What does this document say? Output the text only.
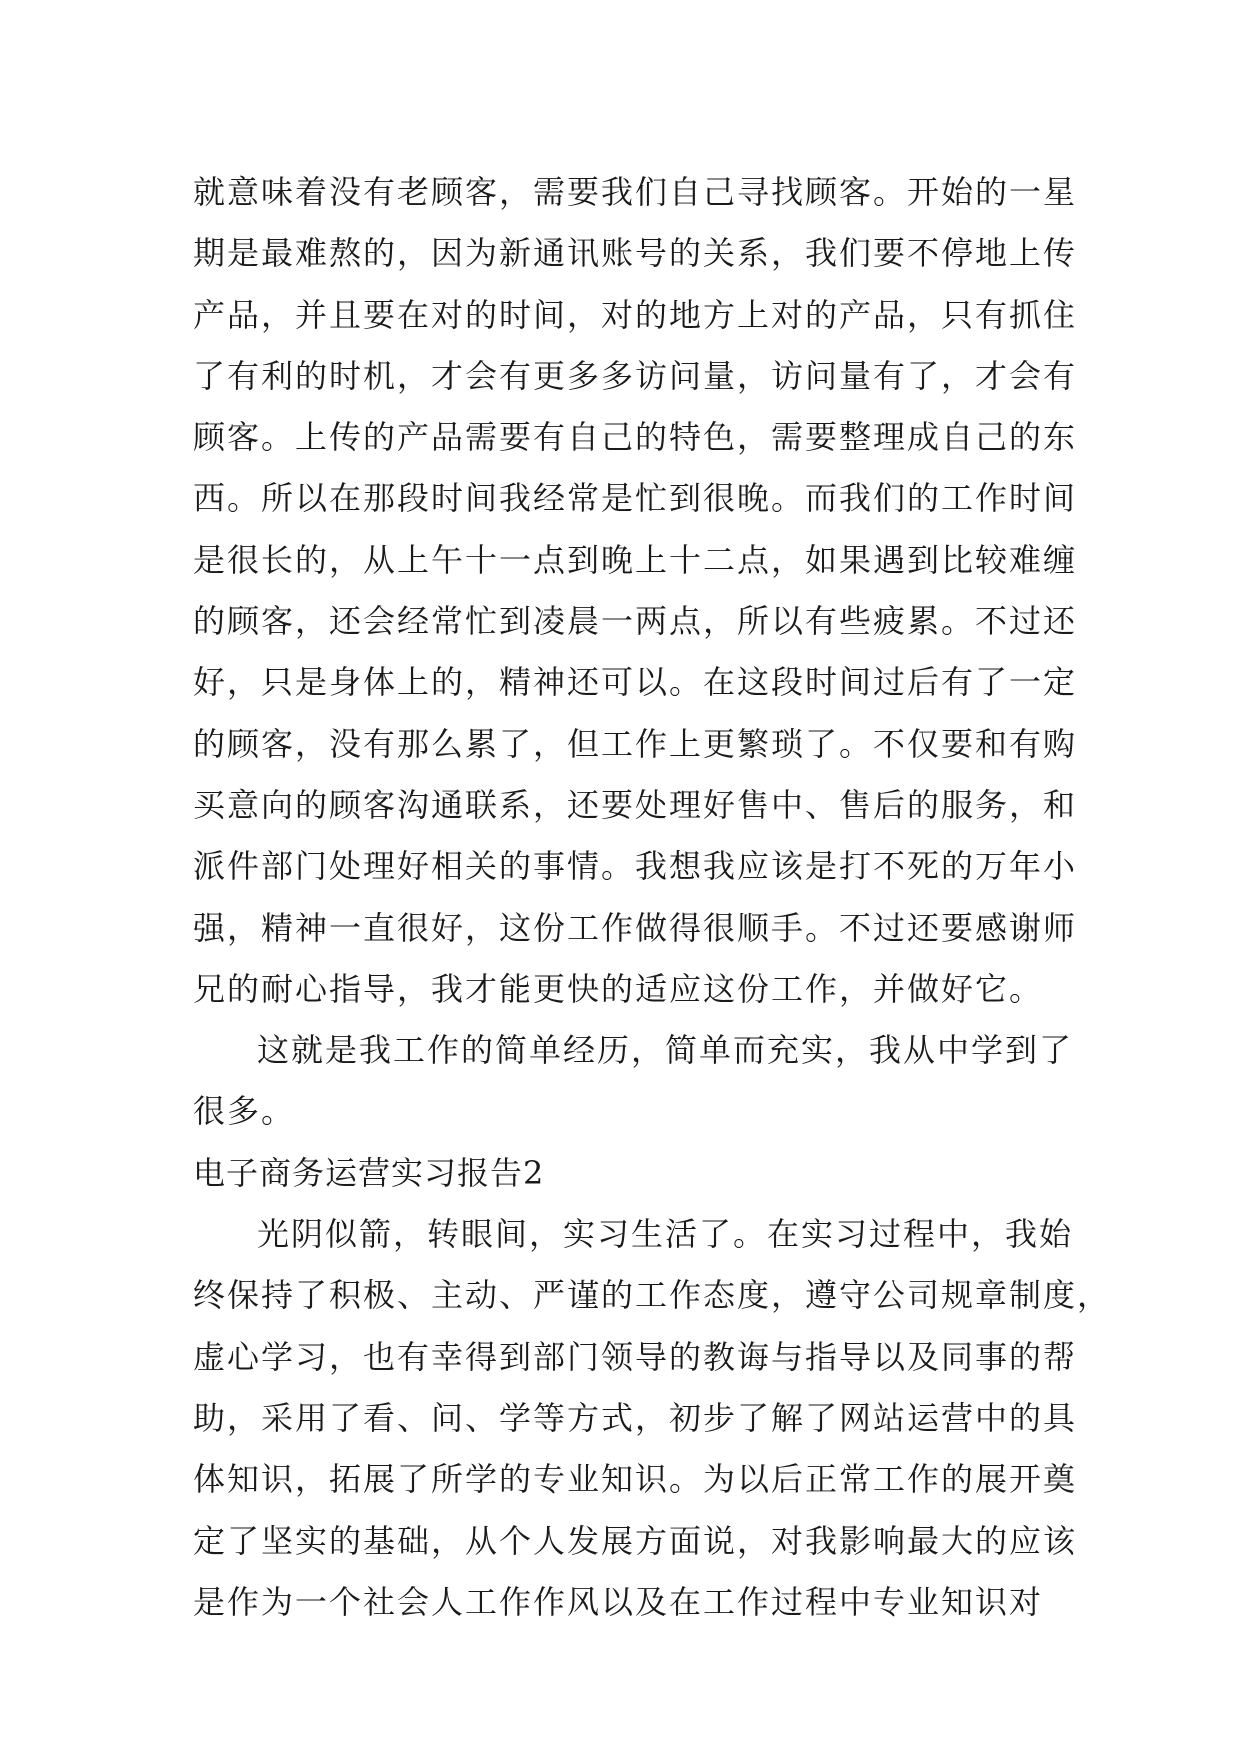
就意味着没有老顾客，需要我们自己寻找顾客。开始的一星
期是最难熬的，因为新通讯账号的关系，我们要不停地上传
产品，并且要在对的时间，对的地方上对的产品，只有抓住
了有利的时机，才会有更多多访问量，访问量有了，才会有
顾客。上传的产品需要有自己的特色，需要整理成自己的东
西。所以在那段时间我经常是忙到很晚。而我们的工作时间
是很长的，从上午十一点到晚上十二点，如果遇到比较难缠
的顾客，还会经常忙到凌晨一两点，所以有些疲累。不过还
好，只是身体上的，精神还可以。在这段时间过后有了一定
的顾客，没有那么累了，但工作上更繁琐了。不仅要和有购
买意向的顾客沟通联系，还要处理好售中、售后的服务，和
派件部门处理好相关的事情。我想我应该是打不死的万年小
强，精神一直很好，这份工作做得很顺手。不过还要感谢师
兄的耐心指导，我才能更快的适应这份工作，并做好它。
这就是我工作的简单经历，简单而充实，我从中学到了
很多。
电子商务运营实习报告2
光阴似箭，转眼间，实习生活了。在实习过程中，我始
终保持了积极、主动、严谨的工作态度，遵守公司规章制度，
虚心学习，也有幸得到部门领导的教诲与指导以及同事的帮
助，采用了看、问、学等方式，初步了解了网站运营中的具
体知识，拓展了所学的专业知识。为以后正常工作的展开奠
定了坚实的基础，从个人发展方面说，对我影响最大的应该
是作为一个社会人工作作风以及在工作过程中专业知识对
